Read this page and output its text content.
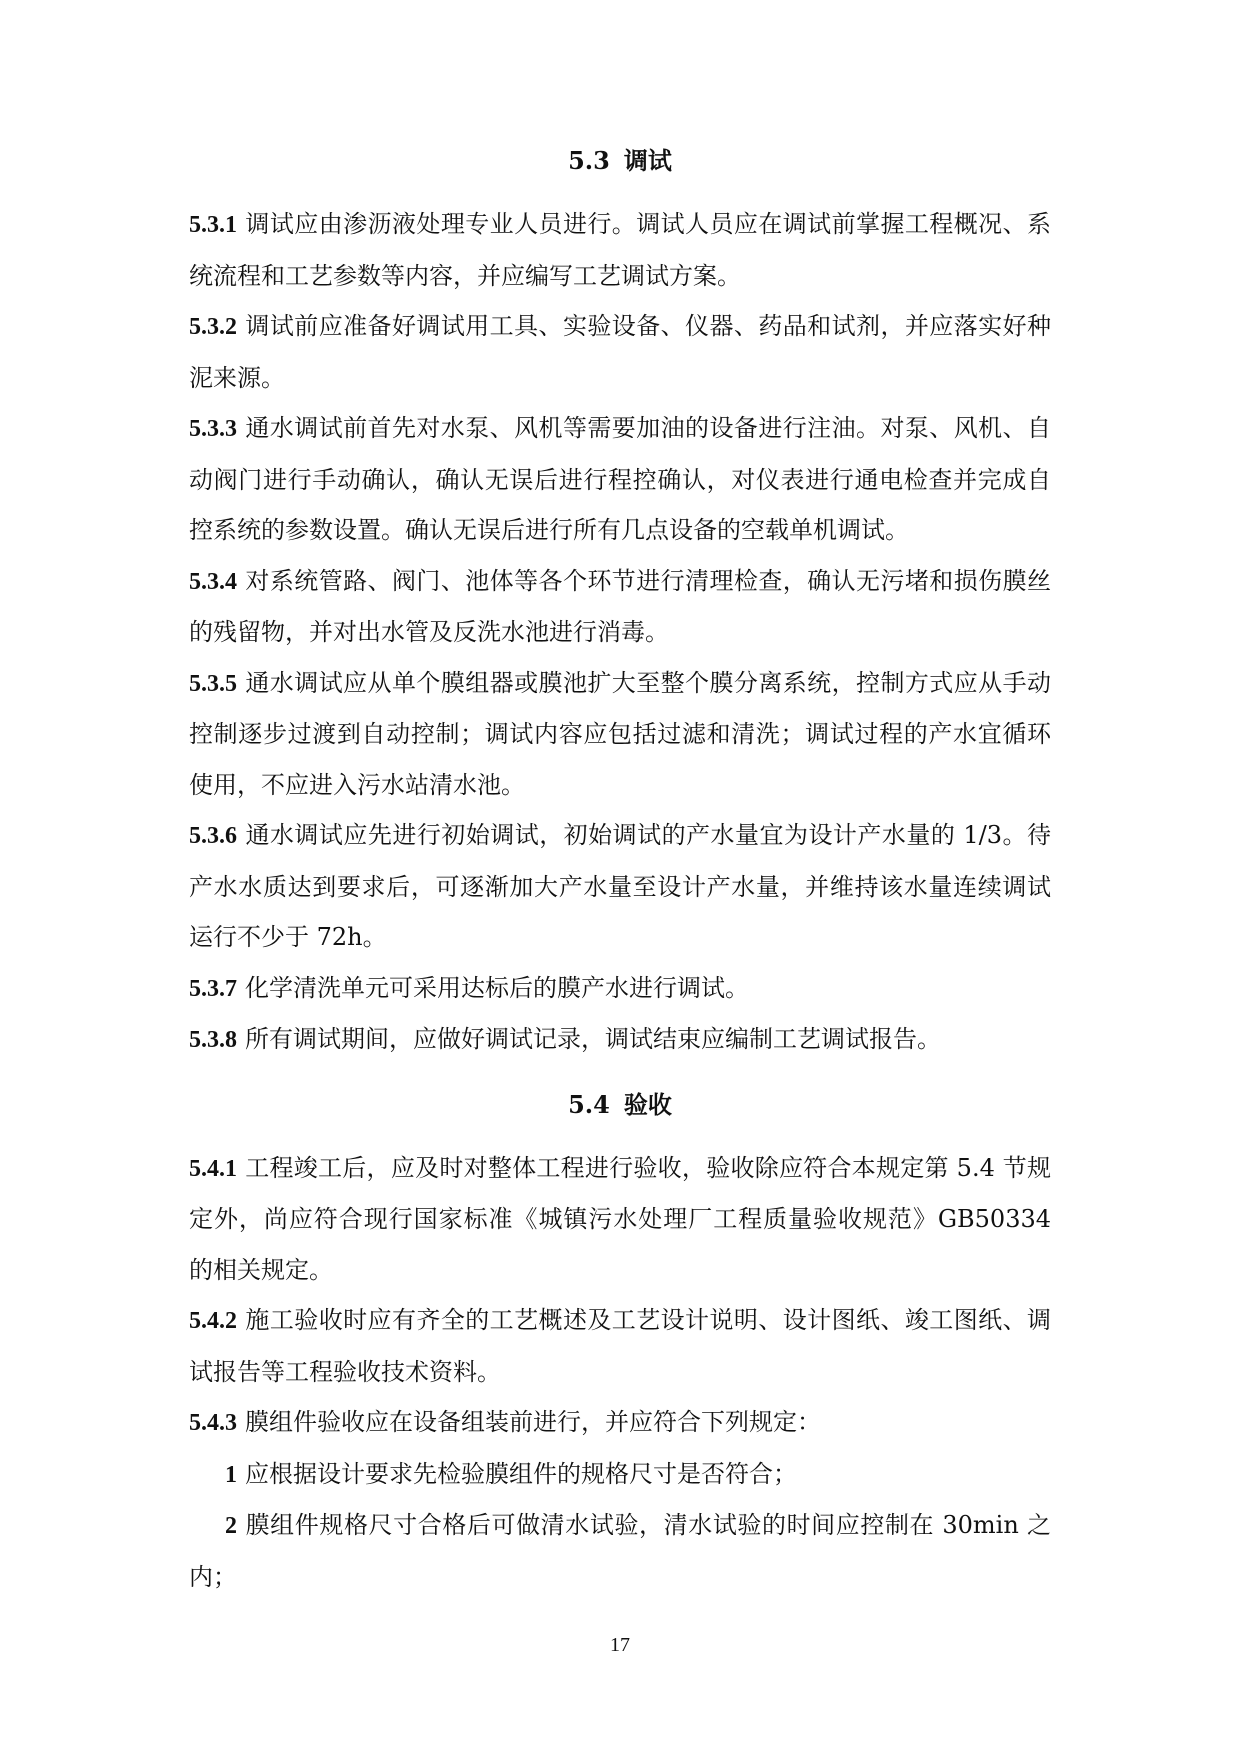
5.3 调试

5.3.1 调试应由渗沥液处理专业人员进行。调试人员应在调试前掌握工程概况、系统流程和工艺参数等内容，并应编写工艺调试方案。

5.3.2 调试前应准备好调试用工具、实验设备、仪器、药品和试剂，并应落实好种泥来源。

5.3.3 通水调试前首先对水泵、风机等需要加油的设备进行注油。对泵、风机、自动阀门进行手动确认，确认无误后进行程控确认，对仪表进行通电检查并完成自控系统的参数设置。确认无误后进行所有几点设备的空载单机调试。

5.3.4 对系统管路、阀门、池体等各个环节进行清理检查，确认无污堵和损伤膜丝的残留物，并对出水管及反洗水池进行消毒。

5.3.5 通水调试应从单个膜组器或膜池扩大至整个膜分离系统，控制方式应从手动控制逐步过渡到自动控制；调试内容应包括过滤和清洗；调试过程的产水宜循环使用，不应进入污水站清水池。

5.3.6 通水调试应先进行初始调试，初始调试的产水量宜为设计产水量的 1/3。待产水水质达到要求后，可逐渐加大产水量至设计产水量，并维持该水量连续调试运行不少于 72h。

5.3.7 化学清洗单元可采用达标后的膜产水进行调试。

5.3.8 所有调试期间，应做好调试记录，调试结束应编制工艺调试报告。

5.4 验收

5.4.1 工程竣工后，应及时对整体工程进行验收，验收除应符合本规定第 5.4 节规定外，尚应符合现行国家标准《城镇污水处理厂工程质量验收规范》GB50334 的相关规定。

5.4.2 施工验收时应有齐全的工艺概述及工艺设计说明、设计图纸、竣工图纸、调试报告等工程验收技术资料。

5.4.3 膜组件验收应在设备组装前进行，并应符合下列规定：

1 应根据设计要求先检验膜组件的规格尺寸是否符合；

2 膜组件规格尺寸合格后可做清水试验，清水试验的时间应控制在 30min 之内；

17
